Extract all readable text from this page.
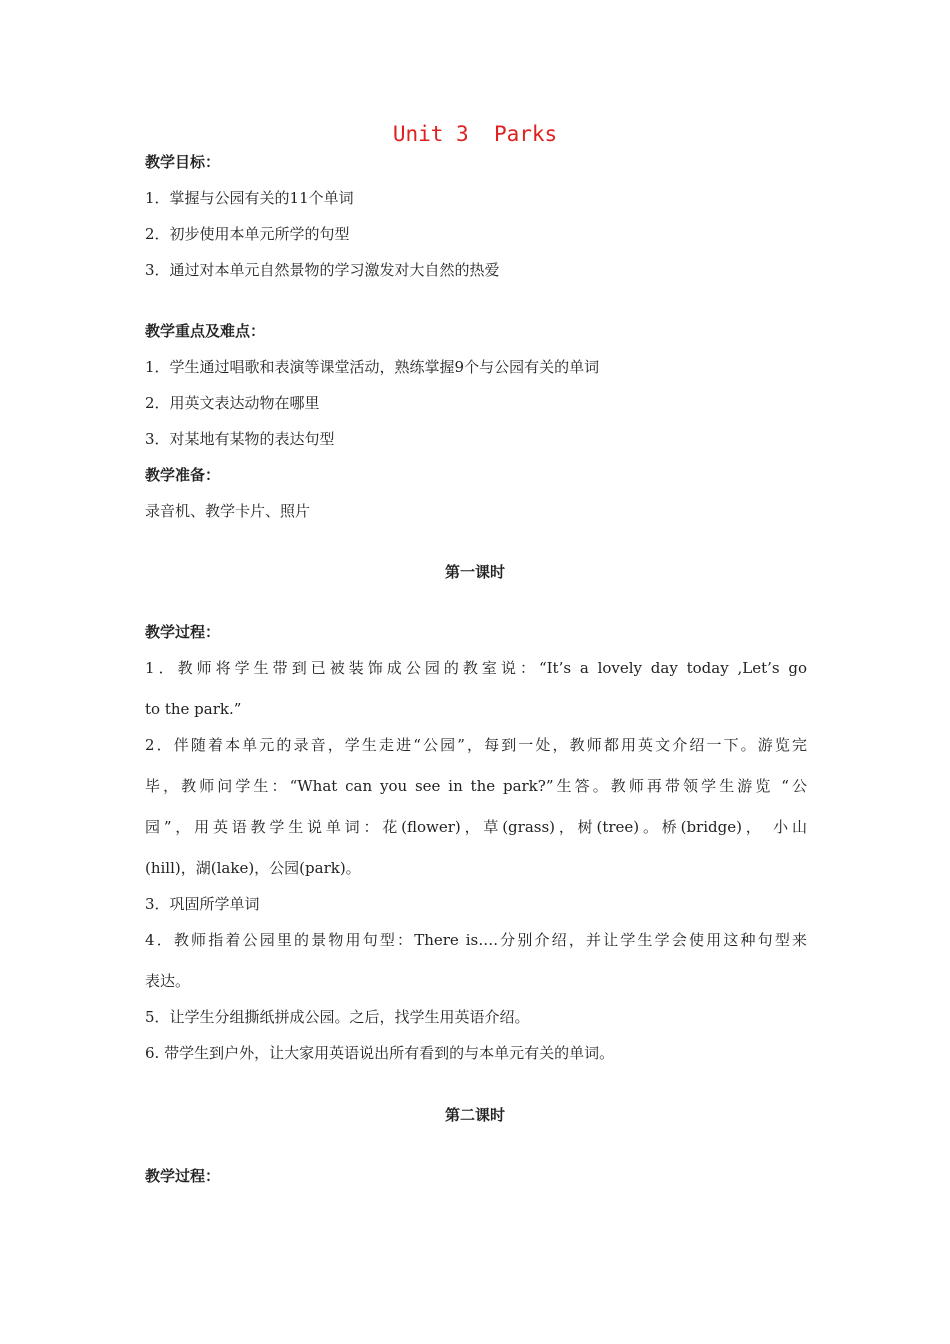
Unit 3  Parks
教学目标：
1．掌握与公园有关的11个单词
2．初步使用本单元所学的句型
3．通过对本单元自然景物的学习激发对大自然的热爱
教学重点及难点：
1．学生通过唱歌和表演等课堂活动，熟练掌握9个与公园有关的单词
2．用英文表达动物在哪里
3．对某地有某物的表达句型
教学准备：
录音机、教学卡片、照片
第一课时
教学过程：
1．教师将学生带到已被装饰成公园的教室说：“It’s a lovely day today ,Let’s go
to the park.”
2．伴随着本单元的录音，学生走进“公园”，每到一处，教师都用英文介绍一下。游览完
毕，教师问学生：“What can you see in the park?”生答。教师再带领学生游览 “公
园”，用英语教学生说单词：花(flower)，草(grass)，树(tree)。桥(bridge)， 小山
(hill)，湖(lake)，公园(park)。
3．巩固所学单词
4．教师指着公园里的景物用句型：There is….分别介绍，并让学生学会使用这种句型来
表达。
5．让学生分组撕纸拼成公园。之后，找学生用英语介绍。
6. 带学生到户外，让大家用英语说出所有看到的与本单元有关的单词。
第二课时
教学过程：
